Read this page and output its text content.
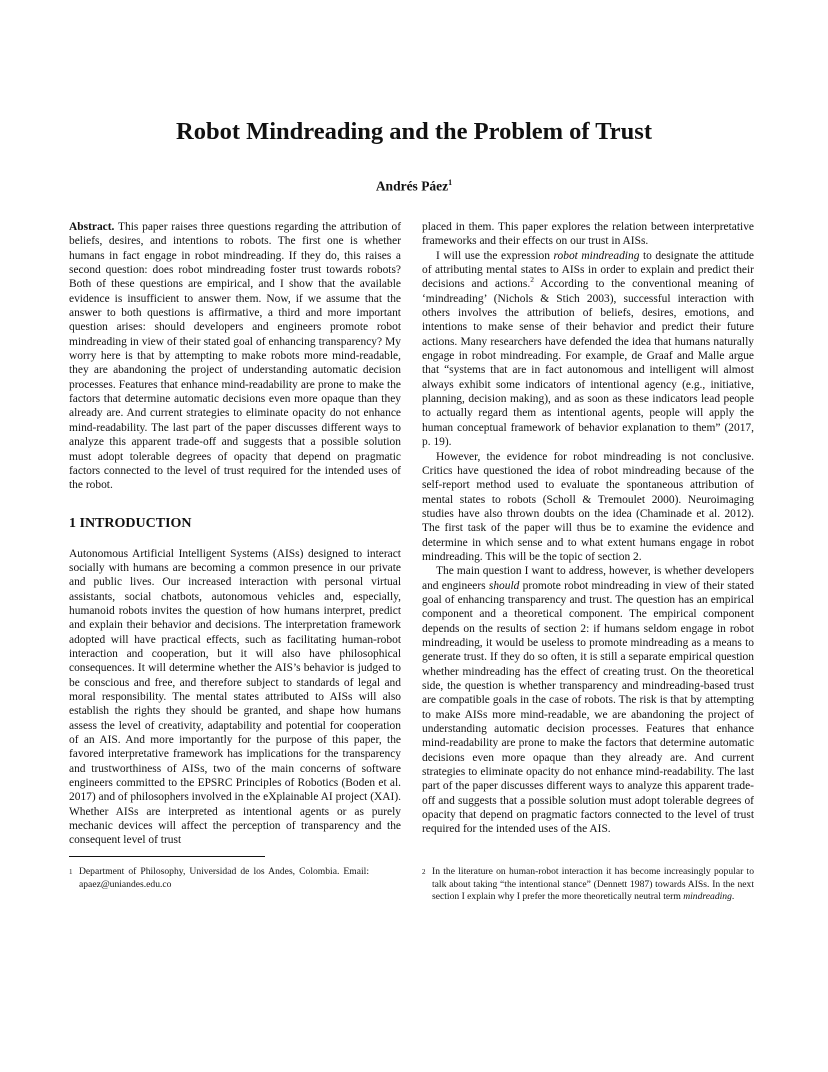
Robot Mindreading and the Problem of Trust
Andrés Páez$^1$

Abstract. This paper raises three questions regarding the attribution of beliefs, desires, and intentions to robots. The first one is whether humans in fact engage in robot mindreading. If they do, this raises a second question: does robot mindreading foster trust towards robots? Both of these questions are empirical, and I show that the available evidence is insufficient to answer them. Now, if we assume that the answer to both questions is affirmative, a third and more important question arises: should developers and engineers promote robot mindreading in view of their stated goal of enhancing transparency? My worry here is that by attempting to make robots more mind-readable, they are abandoning the project of understanding automatic decision processes. Features that enhance mind-readability are prone to make the factors that determine automatic decisions even more opaque than they already are. And current strategies to eliminate opacity do not enhance mind-readability. The last part of the paper discusses different ways to analyze this apparent trade-off and suggests that a possible solution must adopt tolerable degrees of opacity that depend on pragmatic factors connected to the level of trust required for the intended uses of the robot.

1 INTRODUCTION

Autonomous Artificial Intelligent Systems (AISs) designed to interact socially with humans are becoming a common presence in our private and public lives. Our increased interaction with personal virtual assistants, social chatbots, autonomous vehicles and, especially, humanoid robots invites the question of how humans interpret, predict and explain their behavior and decisions. The interpretation framework adopted will have practical effects, such as facilitating human-robot interaction and cooperation, but it will also have philosophical consequences. It will determine whether the AIS’s behavior is judged to be conscious and free, and therefore subject to standards of legal and moral responsibility. The mental states attributed to AISs will also establish the rights they should be granted, and shape how humans assess the level of creativity, adaptability and potential for cooperation of an AIS. And more importantly for the purpose of this paper, the favored interpretative framework has implications for the transparency and trustworthiness of AISs, two of the main concerns of software engineers committed to the EPSRC Principles of Robotics (Boden et al. 2017) and of philosophers involved in the eXplainable AI project (XAI). Whether AISs are interpreted as intentional agents or as purely mechanic devices will affect the perception of transparency and the consequent level of trust

placed in them. This paper explores the relation between interpretative frameworks and their effects on our trust in AISs.

I will use the expression robot mindreading to designate the attitude of attributing mental states to AISs in order to explain and predict their decisions and actions.$^2$ According to the conventional meaning of ‘mindreading’ (Nichols & Stich 2003), successful interaction with others involves the attribution of beliefs, desires, emotions, and intentions to make sense of their behavior and predict their future actions. Many researchers have defended the idea that humans naturally engage in robot mindreading. For example, de Graaf and Malle argue that “systems that are in fact autonomous and intelligent will almost always exhibit some indicators of intentional agency (e.g., initiative, planning, decision making), and as soon as these indicators lead people to actually regard them as intentional agents, people will apply the human conceptual framework of behavior explanation to them” (2017, p. 19).

However, the evidence for robot mindreading is not conclusive. Critics have questioned the idea of robot mindreading because of the self-report method used to evaluate the spontaneous attribution of mental states to robots (Scholl & Tremoulet 2000). Neuroimaging studies have also thrown doubts on the idea (Chaminade et al. 2012). The first task of the paper will thus be to examine the evidence and determine in which sense and to what extent humans engage in robot mindreading. This will be the topic of section 2.

The main question I want to address, however, is whether developers and engineers should promote robot mindreading in view of their stated goal of enhancing transparency and trust. The question has an empirical component and a theoretical component. The empirical component depends on the results of section 2: if humans seldom engage in robot mindreading, it would be useless to promote mindreading as a means to generate trust. If they do so often, it is still a separate empirical question whether mindreading has the effect of creating trust. On the theoretical side, the question is whether transparency and mindreading-based trust are compatible goals in the case of robots. The risk is that by attempting to make AISs more mind-readable, we are abandoning the project of understanding automatic decision processes. Features that enhance mind-readability are prone to make the factors that determine automatic decisions even more opaque than they already are. And current strategies to eliminate opacity do not enhance mind-readability. The last part of the paper discusses different ways to analyze this apparent trade-off and suggests that a possible solution must adopt tolerable degrees of opacity that depend on pragmatic factors connected to the level of trust required for the intended uses of the AIS.

1 Department of Philosophy, Universidad de los Andes, Colombia. Email: apaez@uniandes.edu.co
2 In the literature on human-robot interaction it has become increasingly popular to talk about taking “the intentional stance” (Dennett 1987) towards AISs. In the next section I explain why I prefer the more theoretically neutral term mindreading.
